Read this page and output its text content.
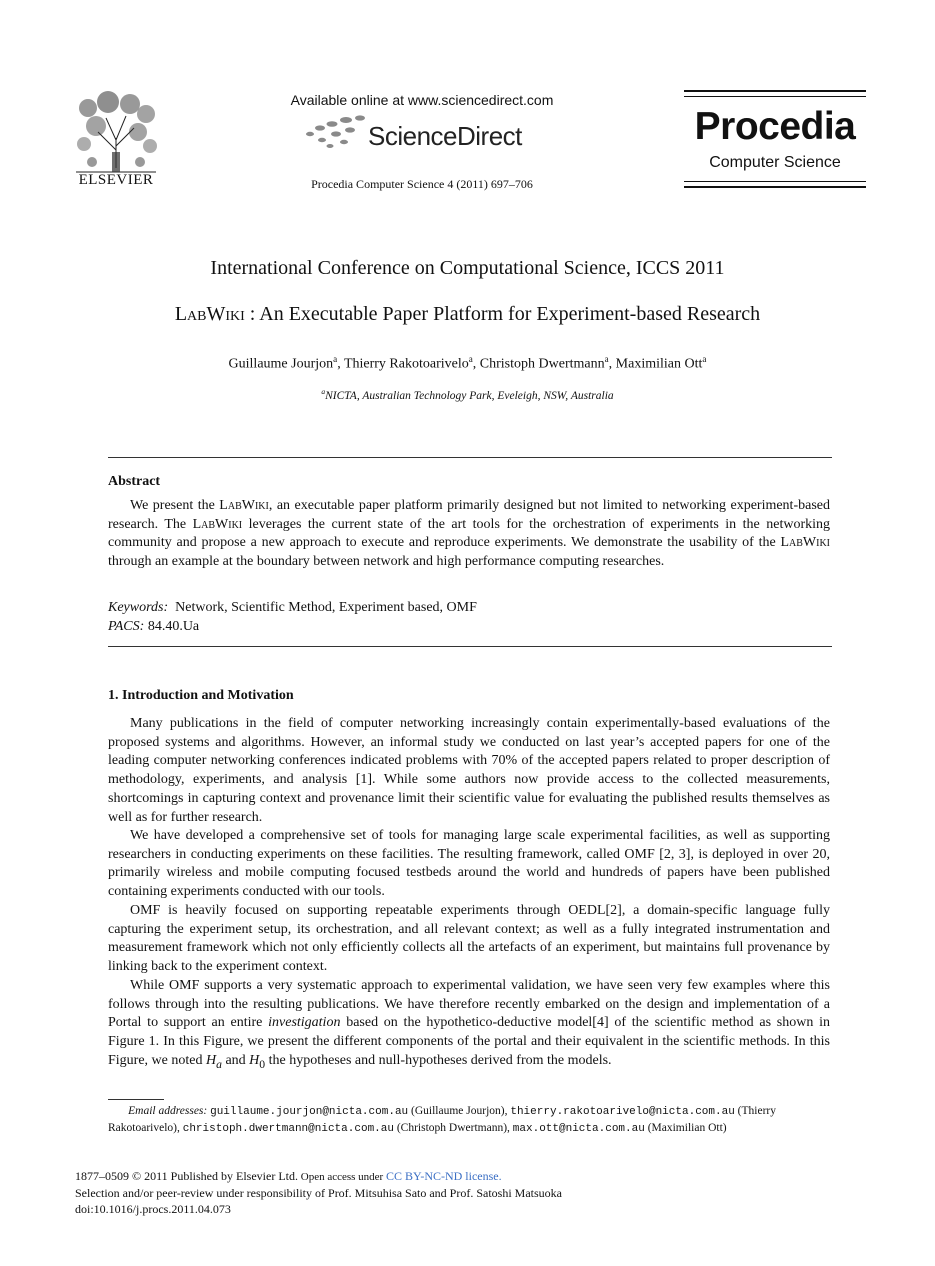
ELSEVIER
Available online at www.sciencedirect.com
ScienceDirect
Procedia Computer Science 4 (2011) 697–706
Procedia
Computer Science
International Conference on Computational Science, ICCS 2011
LabWiki : An Executable Paper Platform for Experiment-based Research
Guillaume Jourjon$^a$, Thierry Rakotoarivelo$^a$, Christoph Dwertmann$^a$, Maximilian Ott$^a$
$^a$NICTA, Australian Technology Park, Eveleigh, NSW, Australia
Abstract
We present the LabWiki, an executable paper platform primarily designed but not limited to networking experiment-based research. The LabWiki leverages the current state of the art tools for the orchestration of experiments in the networking community and propose a new approach to execute and reproduce experiments. We demonstrate the usability of the LabWiki through an example at the boundary between network and high performance computing researches.
Keywords: Network, Scientific Method, Experiment based, OMF
PACS: 84.40.Ua
1. Introduction and Motivation
Many publications in the field of computer networking increasingly contain experimentally-based evaluations of the proposed systems and algorithms. However, an informal study we conducted on last year’s accepted papers for one of the leading computer networking conferences indicated problems with 70% of the accepted papers related to proper description of methodology, experiments, and analysis [1]. While some authors now provide access to the collected measurements, shortcomings in capturing context and provenance limit their scientific value for evaluating the published results themselves as well as for further research.
We have developed a comprehensive set of tools for managing large scale experimental facilities, as well as supporting researchers in conducting experiments on these facilities. The resulting framework, called OMF [2, 3], is deployed in over 20, primarily wireless and mobile computing focused testbeds around the world and hundreds of papers have been published containing experiments conducted with our tools.
OMF is heavily focused on supporting repeatable experiments through OEDL[2], a domain-specific language fully capturing the experiment setup, its orchestration, and all relevant context; as well as a fully integrated instrumentation and measurement framework which not only efficiently collects all the artefacts of an experiment, but maintains full provenance by linking back to the experiment context.
While OMF supports a very systematic approach to experimental validation, we have seen very few examples where this follows through into the resulting publications. We have therefore recently embarked on the design and implementation of a Portal to support an entire investigation based on the hypothetico-deductive model[4] of the scientific method as shown in Figure 1. In this Figure, we present the different components of the portal and their equivalent in the scientific methods. In this Figure, we noted $H_a$ and $H_0$ the hypotheses and null-hypotheses derived from the models.
Email addresses: guillaume.jourjon@nicta.com.au (Guillaume Jourjon), thierry.rakotoarivelo@nicta.com.au (Thierry Rakotoarivelo), christoph.dwertmann@nicta.com.au (Christoph Dwertmann), max.ott@nicta.com.au (Maximilian Ott)
1877–0509 © 2011 Published by Elsevier Ltd. Open access under CC BY-NC-ND license.
Selection and/or peer-review under responsibility of Prof. Mitsuhisa Sato and Prof. Satoshi Matsuoka
doi:10.1016/j.procs.2011.04.073
